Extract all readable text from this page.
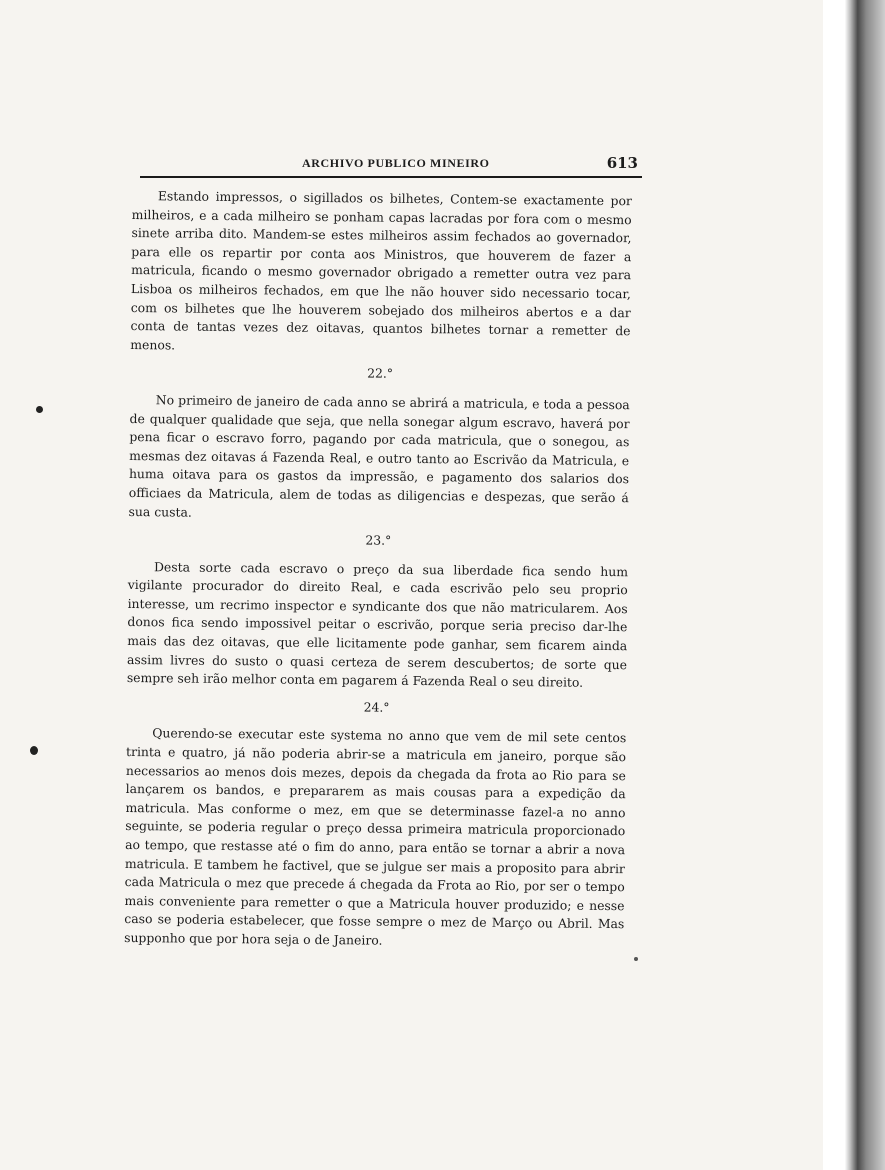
ARCHIVO PUBLICO MINEIRO	613

Estando impressos, o sigillados os bilhetes, Contem-se exactamente por milheiros, e a cada milheiro se ponham capas lacradas por fora com o mesmo sinete arriba dito. Mandem-se estes milheiros assim fechados ao governador, para elle os repartir por conta aos Ministros, que houverem de fazer a matricula, ficando o mesmo governador obrigado a remetter outra vez para Lisboa os milheiros fechados, em que lhe não houver sido necessario tocar, com os bilhetes que lhe houverem sobejado dos milheiros abertos e a dar conta de tantas vezes dez oitavas, quantos bilhetes tornar a remetter de menos.

22.°

No primeiro de janeiro de cada anno se abrirá a matricula, e toda a pessoa de qualquer qualidade que seja, que nella sonegar algum escravo, haverá por pena ficar o escravo forro, pagando por cada matricula, que o sonegou, as mesmas dez oitavas á Fazenda Real, e outro tanto ao Escrivão da Matricula, e huma oitava para os gastos da impressão, e pagamento dos salarios dos officiaes da Matricula, alem de todas as diligencias e despezas, que serão á sua custa.

23.°

Desta sorte cada escravo o preço da sua liberdade fica sendo hum vigilante procurador do direito Real, e cada escrivão pelo seu proprio interesse, um recrimo inspector e syndicante dos que não matricularem. Aos donos fica sendo impossivel peitar o escrivão, porque seria preciso dar-lhe mais das dez oitavas, que elle licitamente pode ganhar, sem ficarem ainda assim livres do susto o quasi certeza de serem descubertos; de sorte que sempre seh irão melhor conta em pagarem á Fazenda Real o seu direito.

24.°

Querendo-se executar este systema no anno que vem de mil sete centos trinta e quatro, já não poderia abrir-se a matricula em janeiro, porque são necessarios ao menos dois mezes, depois da chegada da frota ao Rio para se lançarem os bandos, e prepararem as mais cousas para a expedição da matricula. Mas conforme o mez, em que se determinasse fazel-a no anno seguinte, se poderia regular o preço dessa primeira matricula proporcionado ao tempo, que restasse até o fim do anno, para então se tornar a abrir a nova matricula. E tambem he factivel, que se julgue ser mais a proposito para abrir cada Matricula o mez que precede á chegada da Frota ao Rio, por ser o tempo mais conveniente para remetter o que a Matricula houver produzido; e nesse caso se poderia estabelecer, que fosse sempre o mez de Março ou Abril. Mas supponho que por hora seja o de Janeiro.
